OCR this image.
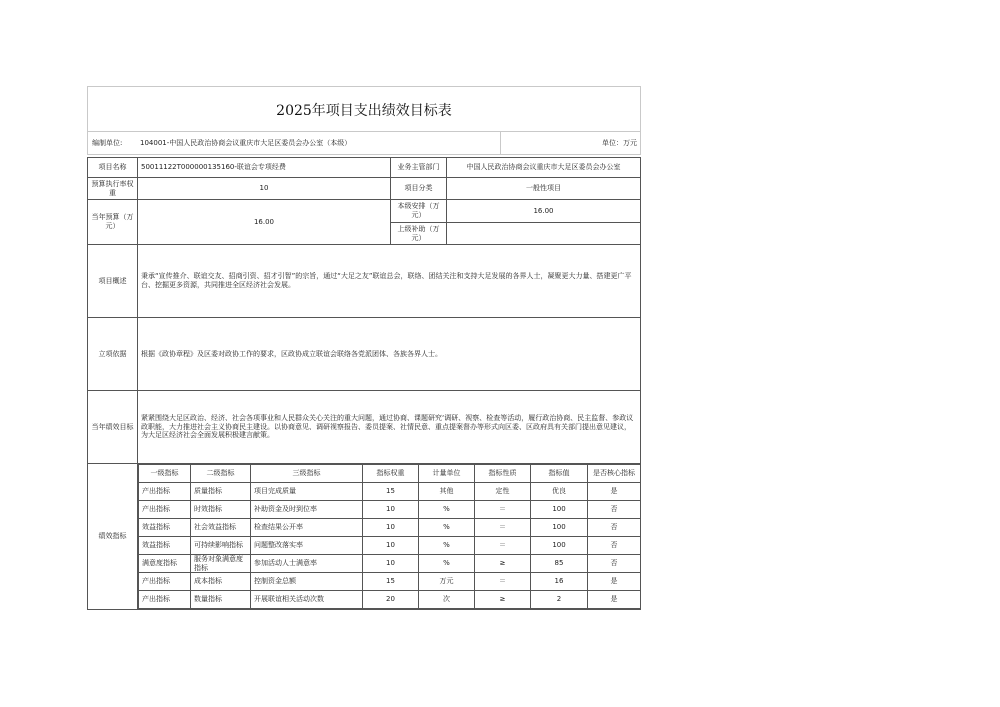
2025年项目支出绩效目标表
编制单位:	104001-中国人民政治协商会议重庆市大足区委员会办公室（本级）	单位：万元
项目名称	50011122T000000135160-联谊会专项经费	业务主管部门	中国人民政治协商会议重庆市大足区委员会办公室
预算执行率权重	10	项目分类	一般性项目
当年预算（万元）	16.00	本级安排（万元）	16.00
上级补助（万元）	
项目概述	秉承“宣传推介、联谊交友、招商引资、招才引智”的宗旨，通过“大足之友”联谊总会，联络、团结关注和支持大足发展的各界人士，凝聚更大力量、搭建更广平台、挖掘更多资源，共同推进全区经济社会发展。
立项依据	根据《政协章程》及区委对政协工作的要求，区政协成立联谊会联络各党派团体、各族各界人士。
当年绩效目标	紧紧围绕大足区政治、经济、社会各项事业和人民群众关心关注的重大问题，通过协商、课题研究‘调研、视察、检查等活动，履行政治协商、民主监督、参政议政职能，大力推进社会主义协商民主建设。以协商意见、调研视察报告、委员提案、社情民意、重点提案督办等形式向区委、区政府具有关部门提出意见建议，为大足区经济社会全面发展积极建言献策。
绩效指标	
一级指标	二级指标	三级指标	指标权重	计量单位	指标性质	指标值	是否核心指标
产出指标	质量指标	项目完成质量	15	其他	定性	优良	是
产出指标	时效指标	补助资金及时到位率	10	%	＝	100	否
效益指标	社会效益指标	检查结果公开率	10	%	＝	100	否
效益指标	可持续影响指标	问题整改落实率	10	%	＝	100	否
满意度指标	服务对象满意度指标	参加活动人士满意率	10	%	≥	85	否
产出指标	成本指标	控制资金总额	15	万元	＝	16	是
产出指标	数量指标	开展联谊相关活动次数	20	次	≥	2	是
